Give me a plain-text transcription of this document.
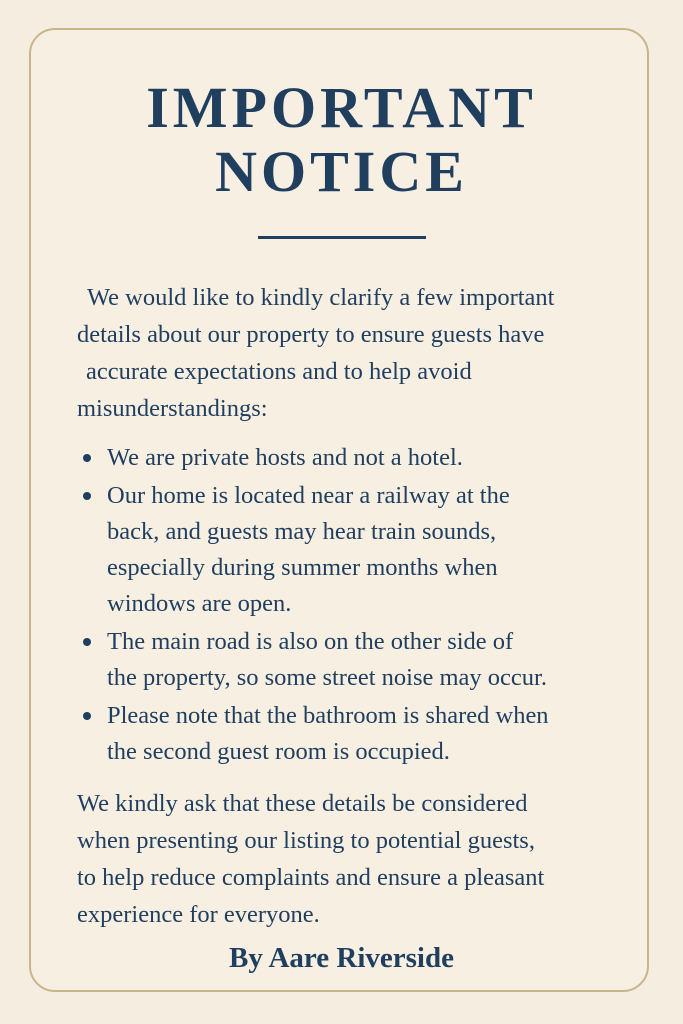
IMPORTANT
NOTICE

We would like to kindly clarify a few important
details about our property to ensure guests have
accurate expectations and to help avoid
misunderstandings:

We are private hosts and not a hotel.
Our home is located near a railway at the
back, and guests may hear train sounds,
especially during summer months when
windows are open.
The main road is also on the other side of
the property, so some street noise may occur.
Please note that the bathroom is shared when
the second guest room is occupied.

We kindly ask that these details be considered
when presenting our listing to potential guests,
to help reduce complaints and ensure a pleasant
experience for everyone.

By Aare Riverside
